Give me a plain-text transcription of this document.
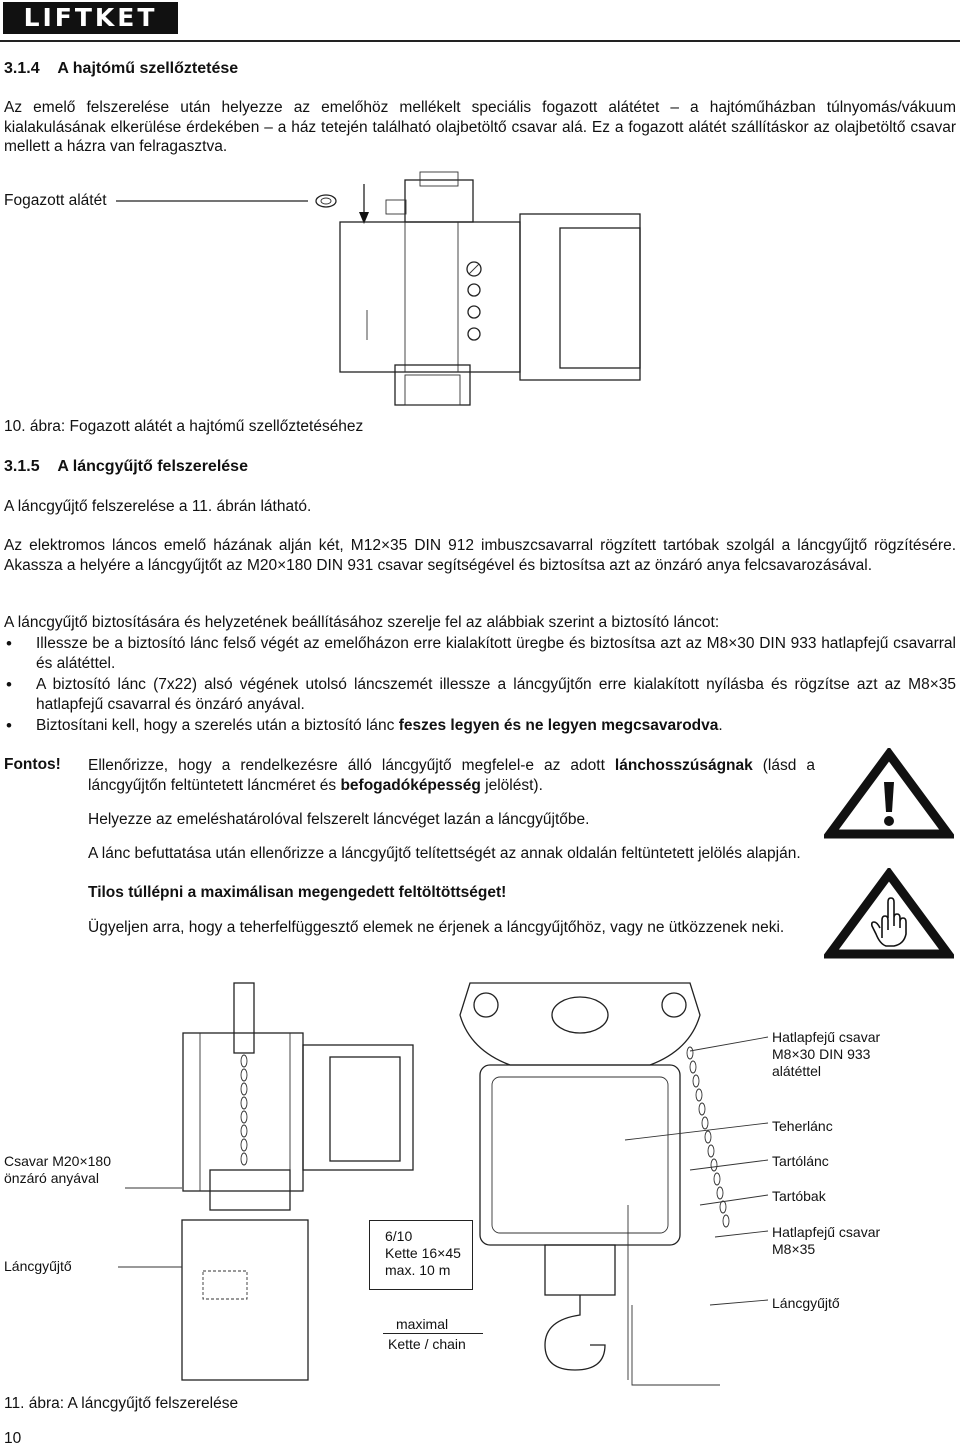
LIFTKET
3.1.4    A hajtómű szellőztetése
Az emelő felszerelése után helyezze az emelőhöz mellékelt speciális fogazott alátétet – a hajtóműházban túlnyomás/vákuum kialakulásának elkerülése érdekében – a ház tetején található olajbetöltő csavar alá. Ez a fogazott alátét szállításkor az olajbetöltő csavar mellett a házra van felragasztva.
Fogazott alátét
10. ábra: Fogazott alátét a hajtómű szellőztetéséhez
3.1.5    A láncgyűjtő felszerelése
A láncgyűjtő felszerelése a 11. ábrán látható.
Az elektromos láncos emelő házának alján két, M12×35 DIN 912 imbuszcsavarral rögzített tartóbak szolgál a láncgyűjtő rögzítésére. Akassza a helyére a láncgyűjtőt az M20×180 DIN 931 csavar segítségével és biztosítsa azt az önzáró anya felcsavarozásával.
A láncgyűjtő biztosítására és helyzetének beállításához szerelje fel az alábbiak szerint a biztosító láncot:
• Illessze be a biztosító lánc felső végét az emelőházon erre kialakított üregbe és biztosítsa azt az M8×30 DIN 933 hatlapfejű csavarral és alátéttel.
• A biztosító lánc (7x22) alsó végének utolsó láncszemét illessze a láncgyűjtőn erre kialakított nyílásba és rögzítse azt az M8×35 hatlapfejű csavarral és önzáró anyával.
• Biztosítani kell, hogy a szerelés után a biztosító lánc feszes legyen és ne legyen megcsavarodva.
Fontos! Ellenőrizze, hogy a rendelkezésre álló láncgyűjtő megfelel-e az adott lánchosszúságnak (lásd a láncgyűjtőn feltüntetett láncméret és befogadóképesség jelölést).
Helyezze az emeléshatárolóval felszerelt láncvéget lazán a láncgyűjtőbe.
A lánc befuttatása után ellenőrizze a láncgyűjtő telítettségét az annak oldalán feltüntetett jelölés alapján.
Tilos túllépni a maximálisan megengedett feltöltöttséget!
Ügyeljen arra, hogy a teherfelfüggesztő elemek ne érjenek a láncgyűjtőhöz, vagy ne ütközzenek neki.
Csavar M20×180
önzáró anyával
Láncgyűjtő
6/10
Kette 16×45
max. 10 m
maximal
Kette / chain
Hatlapfejű csavar
M8×30 DIN 933
alátéttel
Teherlánc
Tartólánc
Tartóbak
Hatlapfejű csavar
M8×35
Láncgyűjtő
11. ábra: A láncgyűjtő felszerelése
10
